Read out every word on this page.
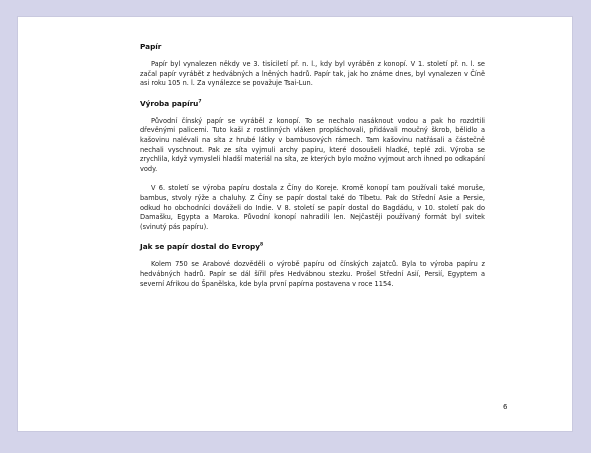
Papír

Papír byl vynalezen někdy ve 3. tisíciletí př. n. l., kdy byl vyráběn z konopí. V 1. století př. n. l. se začal papír vyrábět z hedvábných a lněných hadrů. Papír tak, jak ho známe dnes, byl vynalezen v Číně asi roku 105 n. l. Za vynálezce se považuje Tsai-Lun.

Výroba papíru$^7$

Původní čínský papír se vyráběl z konopí. To se nechalo nasáknout vodou a pak ho rozdrtili dřevěnými palicemi. Tuto kaši z rostlinných vláken propláchovali, přidávali moučný škrob, bělidlo a kašovinu nalévali na síta z hrubé látky v bambusových rámech. Tam kašovinu natřásali a částečně nechali vyschnout. Pak ze síta vyjmuli archy papíru, které dosoušeli hladké, teplé zdi. Výroba se zrychlila, když vymysleli hladší materiál na síta, ze kterých bylo možno vyjmout arch ihned po odkapání vody.

V 6. století se výroba papíru dostala z Číny do Koreje. Kromě konopí tam používali také moruše, bambus, stvoly rýže a chaluhy. Z Číny se papír dostal také do Tibetu. Pak do Střední Asie a Persie, odkud ho obchodníci dováželi do Indie. V 8. století se papír dostal do Bagdádu, v 10. století pak do Damašku, Egypta a Maroka. Původní konopí nahradili len. Nejčastěji používaný formát byl svitek (svinutý pás papíru).

Jak se papír dostal do Evropy$^8$

Kolem 750 se Arabové dozvěděli o výrobě papíru od čínských zajatců. Byla to výroba papíru z hedvábných hadrů. Papír se dál šířil přes Hedvábnou stezku. Prošel Střední Asií, Persií, Egyptem a severní Afrikou do Španělska, kde byla první papírna postavena v roce 1154.

6
